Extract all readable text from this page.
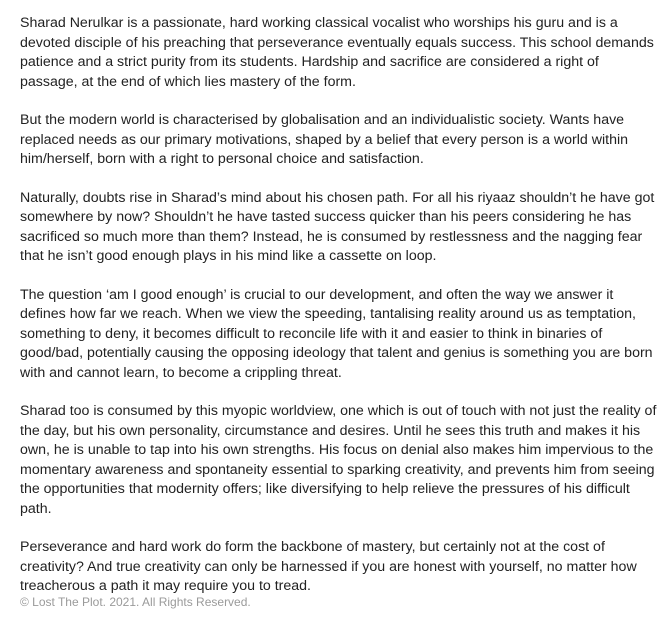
Sharad Nerulkar is a passionate, hard working classical vocalist who worships his guru and is a devoted disciple of his preaching that perseverance eventually equals success. This school demands patience and a strict purity from its students. Hardship and sacrifice are considered a right of passage, at the end of which lies mastery of the form.

But the modern world is characterised by globalisation and an individualistic society. Wants have replaced needs as our primary motivations, shaped by a belief that every person is a world within him/herself, born with a right to personal choice and satisfaction.

Naturally, doubts rise in Sharad’s mind about his chosen path. For all his riyaaz shouldn’t he have got somewhere by now? Shouldn’t he have tasted success quicker than his peers considering he has sacrificed so much more than them? Instead, he is consumed by restlessness and the nagging fear that he isn’t good enough plays in his mind like a cassette on loop.

The question ‘am I good enough’ is crucial to our development, and often the way we answer it defines how far we reach. When we view the speeding, tantalising reality around us as temptation, something to deny, it becomes difficult to reconcile life with it and easier to think in binaries of good/bad, potentially causing the opposing ideology that talent and genius is something you are born with and cannot learn, to become a crippling threat.

Sharad too is consumed by this myopic worldview, one which is out of touch with not just the reality of the day, but his own personality, circumstance and desires. Until he sees this truth and makes it his own, he is unable to tap into his own strengths. His focus on denial also makes him impervious to the momentary awareness and spontaneity essential to sparking creativity, and prevents him from seeing the opportunities that modernity offers; like diversifying to help relieve the pressures of his difficult path.

Perseverance and hard work do form the backbone of mastery, but certainly not at the cost of creativity? And true creativity can only be harnessed if you are honest with yourself, no matter how treacherous a path it may require you to tread.

© Lost The Plot. 2021. All Rights Reserved.
